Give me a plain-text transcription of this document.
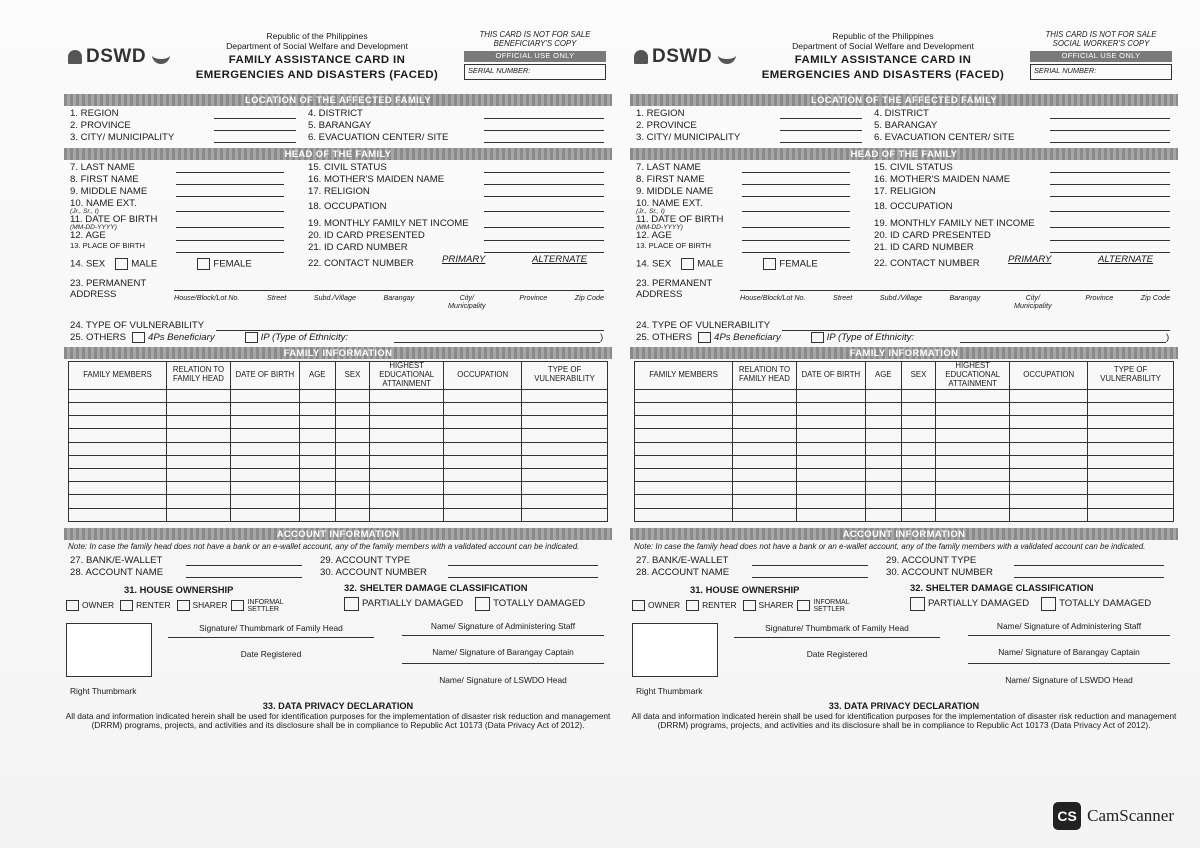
DSWD
Republic of the Philippines
Department of Social Welfare and Development
FAMILY ASSISTANCE CARD IN
EMERGENCIES AND DISASTERS (FACED)
THIS CARD IS NOT FOR SALE
BENEFICIARY'S COPY
OFFICIAL USE ONLY
SERIAL NUMBER:
LOCATION OF THE AFFECTED FAMILY
1. REGION	4. DISTRICT
2. PROVINCE	5. BARANGAY
3. CITY/ MUNICIPALITY	6. EVACUATION CENTER/ SITE
HEAD OF THE FAMILY
7. LAST NAME	15. CIVIL STATUS
8. FIRST NAME	16. MOTHER'S MAIDEN NAME
9. MIDDLE NAME	17. RELIGION
10. NAME EXT.
(Jr., Sr., I)	18. OCCUPATION
11. DATE OF BIRTH
(MM-DD-YYYY)	19. MONTHLY FAMILY NET INCOME
12. AGE	20. ID CARD PRESENTED
13. PLACE OF BIRTH	21. ID CARD NUMBER
14. SEX	MALE	FEMALE	22. CONTACT NUMBER	PRIMARY	ALTERNATE
23. PERMANENT
ADDRESS	House/Block/Lot No.	Street	Subd./Village	Barangay	City/ Municipality
Province	Zip Code
24. TYPE OF VULNERABILITY
25. OTHERS 4Ps Beneficiary	IP (Type of Ethnicity:	)
FAMILY INFORMATION
FAMILY MEMBERS	RELATION TO FAMILY HEAD	DATE OF BIRTH	AGE	SEX	HIGHEST EDUCATIONAL ATTAINMENT	OCCUPATION	TYPE OF VULNERABILITY

ACCOUNT INFORMATION
Note: In case the family head does not have a bank or an e-wallet account, any of the family members with a validated account can be indicated.
27. BANK/E-WALLET	29. ACCOUNT TYPE
28. ACCOUNT NAME	30. ACCOUNT NUMBER
31. HOUSE OWNERSHIP
OWNER	RENTER	SHARER	INFORMAL SETTLER
32. SHELTER DAMAGE CLASSIFICATION
PARTIALLY DAMAGED	TOTALLY DAMAGED
Right Thumbmark
Signature/ Thumbmark of Family Head
Date Registered
Name/ Signature of Administering Staff
Name/ Signature of Barangay Captain
Name/ Signature of LSWDO Head
33. DATA PRIVACY DECLARATION
All data and information indicated herein shall be used for identification purposes for the implementation of disaster risk reduction and management (DRRM) programs, projects, and activities and its disclosure shall be in compliance to Republic Act 10173 (Data Privacy Act of 2012).
DSWD
Republic of the Philippines
Department of Social Welfare and Development
FAMILY ASSISTANCE CARD IN
EMERGENCIES AND DISASTERS (FACED)
THIS CARD IS NOT FOR SALE
SOCIAL WORKER'S COPY
OFFICIAL USE ONLY
SERIAL NUMBER:
LOCATION OF THE AFFECTED FAMILY
1. REGION	4. DISTRICT
2. PROVINCE	5. BARANGAY
3. CITY/ MUNICIPALITY	6. EVACUATION CENTER/ SITE
HEAD OF THE FAMILY
7. LAST NAME	15. CIVIL STATUS
8. FIRST NAME	16. MOTHER'S MAIDEN NAME
9. MIDDLE NAME	17. RELIGION
10. NAME EXT.
(Jr., Sr., I)	18. OCCUPATION
11. DATE OF BIRTH
(MM-DD-YYYY)	19. MONTHLY FAMILY NET INCOME
12. AGE	20. ID CARD PRESENTED
13. PLACE OF BIRTH	21. ID CARD NUMBER
14. SEX	MALE	FEMALE	22. CONTACT NUMBER	PRIMARY	ALTERNATE
23. PERMANENT
ADDRESS	House/Block/Lot No.	Street	Subd./Village	Barangay	City/ Municipality
Province	Zip Code
24. TYPE OF VULNERABILITY
25. OTHERS 4Ps Beneficiary	IP (Type of Ethnicity:	)
FAMILY INFORMATION
FAMILY MEMBERS	RELATION TO FAMILY HEAD	DATE OF BIRTH	AGE	SEX	HIGHEST EDUCATIONAL ATTAINMENT	OCCUPATION	TYPE OF VULNERABILITY

ACCOUNT INFORMATION
Note: In case the family head does not have a bank or an e-wallet account, any of the family members with a validated account can be indicated.
27. BANK/E-WALLET	29. ACCOUNT TYPE
28. ACCOUNT NAME	30. ACCOUNT NUMBER
31. HOUSE OWNERSHIP
OWNER	RENTER	SHARER	INFORMAL SETTLER
32. SHELTER DAMAGE CLASSIFICATION
PARTIALLY DAMAGED	TOTALLY DAMAGED
Right Thumbmark
Signature/ Thumbmark of Family Head
Date Registered
Name/ Signature of Administering Staff
Name/ Signature of Barangay Captain
Name/ Signature of LSWDO Head
33. DATA PRIVACY DECLARATION
All data and information indicated herein shall be used for identification purposes for the implementation of disaster risk reduction and management (DRRM) programs, projects, and activities and its disclosure shall be in compliance to Republic Act 10173 (Data Privacy Act of 2012).
CS CamScanner
